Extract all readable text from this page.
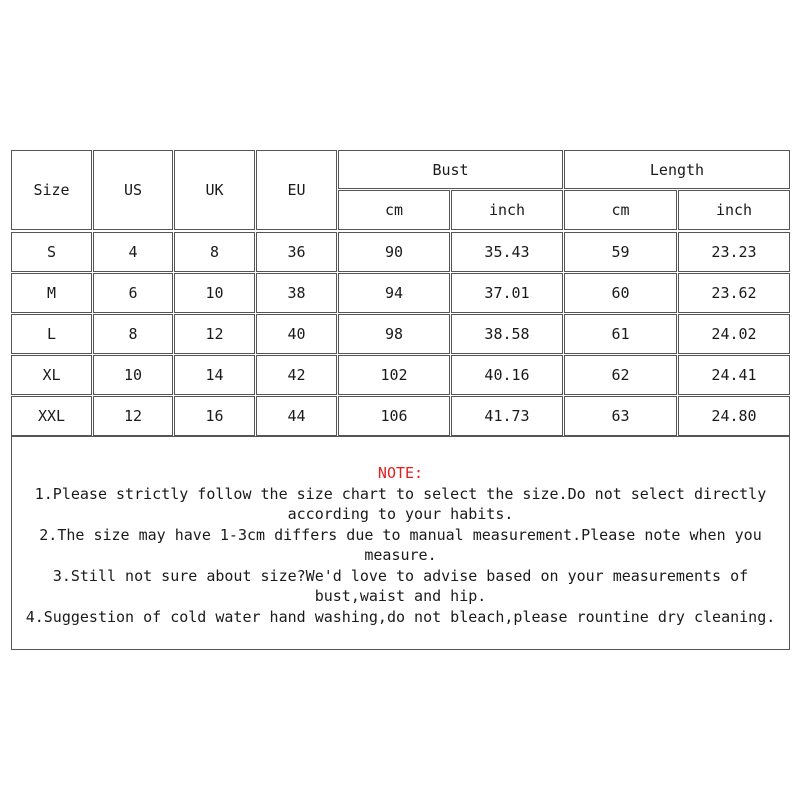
Size	US	UK	EU
Bust	Length
cm	inch	cm	inch
S	4	8	36	90	35.43	59	23.23
M	6	10	38	94	37.01	60	23.62
L	8	12	40	98	38.58	61	24.02
XL	10	14	42	102	40.16	62	24.41
XXL	12	16	44	106	41.73	63	24.80

NOTE:

1.Please strictly follow the size chart to select the size.Do not select directly according to your habits.

2.The size may have 1-3cm differs due to manual measurement.Please note when you measure.

3.Still not sure about size?We'd love to advise based on your measurements of bust,waist and hip.

4.Suggestion of cold water hand washing,do not bleach,please rountine dry cleaning.
